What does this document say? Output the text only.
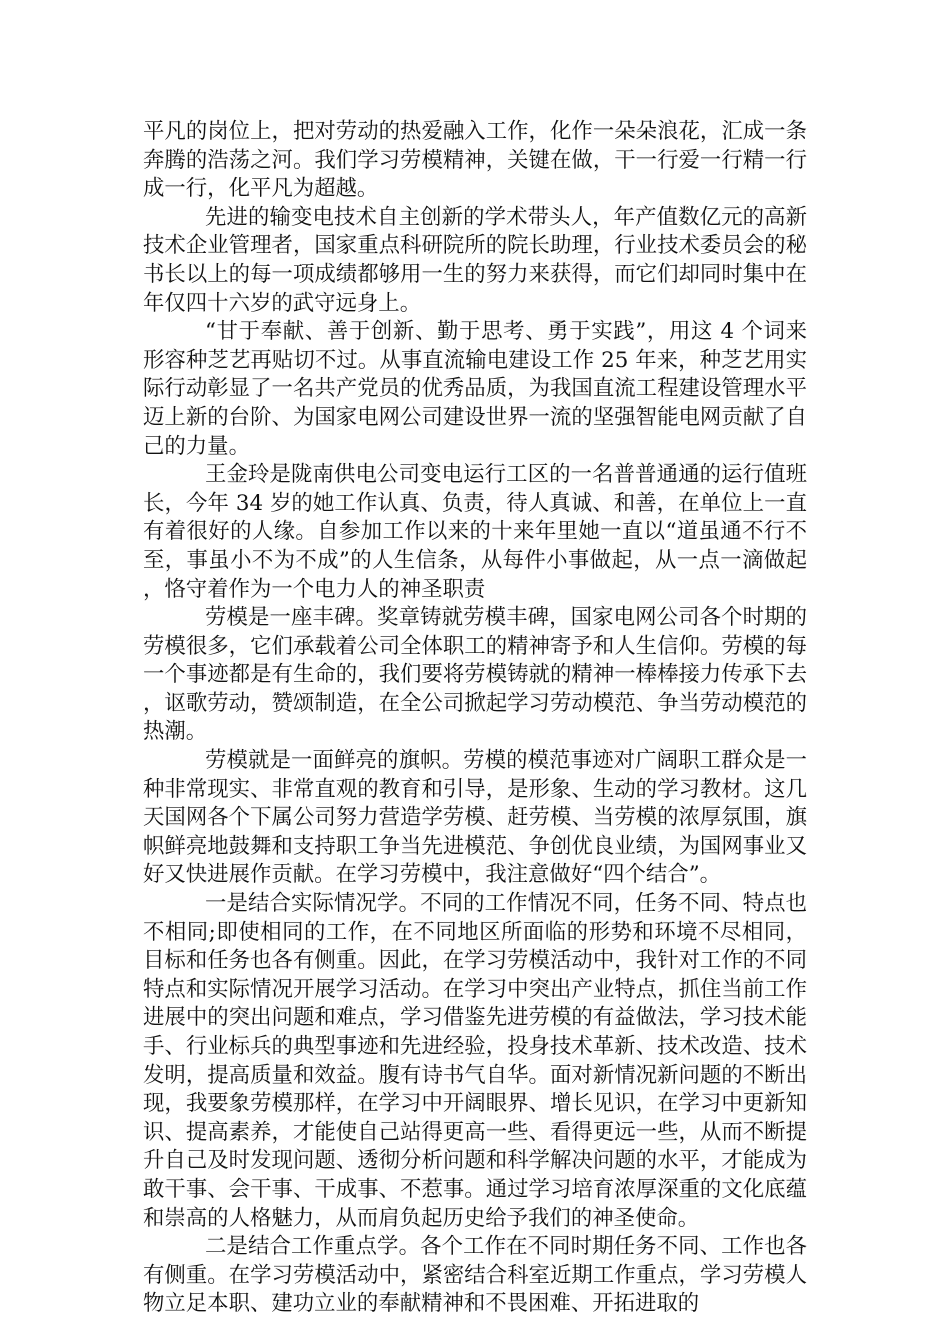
平凡的岗位上，把对劳动的热爱融入工作，化作一朵朵浪花，汇成一条奔腾的浩荡之河。我们学习劳模精神，关键在做，干一行爱一行精一行成一行，化平凡为超越。

先进的输变电技术自主创新的学术带头人，年产值数亿元的高新技术企业管理者，国家重点科研院所的院长助理，行业技术委员会的秘书长以上的每一项成绩都够用一生的努力来获得，而它们却同时集中在年仅四十六岁的武守远身上。

“甘于奉献、善于创新、勤于思考、勇于实践”，用这 4 个词来形容种芝艺再贴切不过。从事直流输电建设工作 25 年来，种芝艺用实际行动彰显了一名共产党员的优秀品质，为我国直流工程建设管理水平迈上新的台阶、为国家电网公司建设世界一流的坚强智能电网贡献了自己的力量。

王金玲是陇南供电公司变电运行工区的一名普普通通的运行值班长，今年 34 岁的她工作认真、负责，待人真诚、和善，在单位上一直有着很好的人缘。自参加工作以来的十来年里她一直以“道虽通不行不至，事虽小不为不成”的人生信条，从每件小事做起，从一点一滴做起，恪守着作为一个电力人的神圣职责

劳模是一座丰碑。奖章铸就劳模丰碑，国家电网公司各个时期的劳模很多，它们承载着公司全体职工的精神寄予和人生信仰。劳模的每一个事迹都是有生命的，我们要将劳模铸就的精神一棒棒接力传承下去，讴歌劳动，赞颂制造，在全公司掀起学习劳动模范、争当劳动模范的热潮。

劳模就是一面鲜亮的旗帜。劳模的模范事迹对广阔职工群众是一种非常现实、非常直观的教育和引导，是形象、生动的学习教材。这几天国网各个下属公司努力营造学劳模、赶劳模、当劳模的浓厚氛围，旗帜鲜亮地鼓舞和支持职工争当先进模范、争创优良业绩，为国网事业又好又快进展作贡献。在学习劳模中，我注意做好“四个结合”。

一是结合实际情况学。不同的工作情况不同，任务不同、特点也不相同;即使相同的工作，在不同地区所面临的形势和环境不尽相同，目标和任务也各有侧重。因此，在学习劳模活动中，我针对工作的不同特点和实际情况开展学习活动。在学习中突出产业特点，抓住当前工作进展中的突出问题和难点，学习借鉴先进劳模的有益做法，学习技术能手、行业标兵的典型事迹和先进经验，投身技术革新、技术改造、技术发明，提高质量和效益。腹有诗书气自华。面对新情况新问题的不断出现，我要象劳模那样，在学习中开阔眼界、增长见识，在学习中更新知识、提高素养，才能使自己站得更高一些、看得更远一些，从而不断提升自己及时发现问题、透彻分析问题和科学解决问题的水平，才能成为敢干事、会干事、干成事、不惹事。通过学习培育浓厚深重的文化底蕴和崇高的人格魅力，从而肩负起历史给予我们的神圣使命。

二是结合工作重点学。各个工作在不同时期任务不同、工作也各有侧重。在学习劳模活动中，紧密结合科室近期工作重点，学习劳模人物立足本职、建功立业的奉献精神和不畏困难、开拓进取的
